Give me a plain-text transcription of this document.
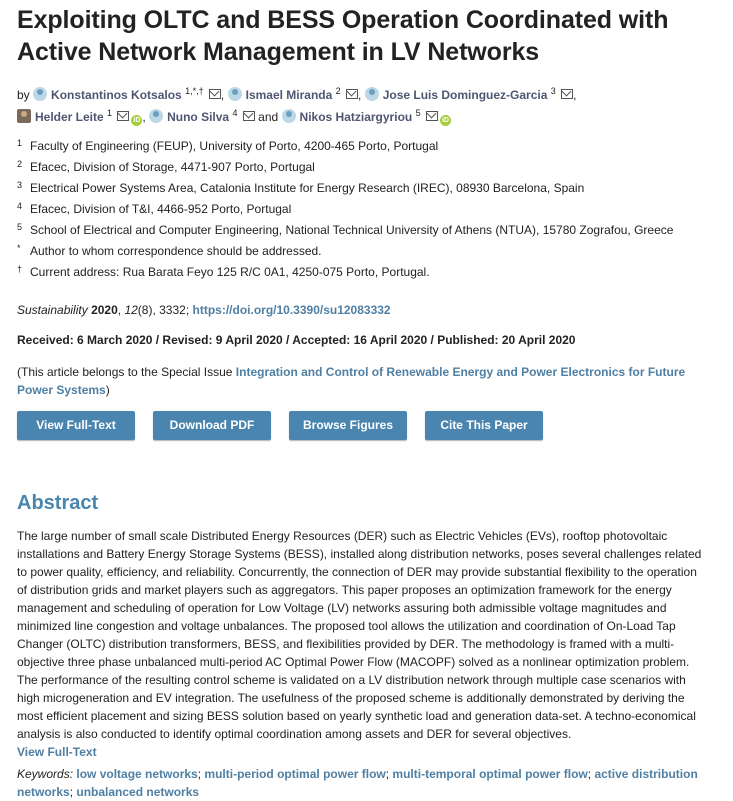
Exploiting OLTC and BESS Operation Coordinated with Active Network Management in LV Networks
by Konstantinos Kotsalos $^{1,*,\dagger}$ , Ismael Miranda $^2$ , Jose Luis Dominguez-Garcia $^3$ ,
Helder Leite $^1$ iD , Nuno Silva $^4$ and Nikos Hatziargyriou $^5$ iD
1 Faculty of Engineering (FEUP), University of Porto, 4200-465 Porto, Portugal
2 Efacec, Division of Storage, 4471-907 Porto, Portugal
3 Electrical Power Systems Area, Catalonia Institute for Energy Research (IREC), 08930 Barcelona, Spain
4 Efacec, Division of T&I, 4466-952 Porto, Portugal
5 School of Electrical and Computer Engineering, National Technical University of Athens (NTUA), 15780 Zografou, Greece
* Author to whom correspondence should be addressed.
† Current address: Rua Barata Feyo 125 R/C 0A1, 4250-075 Porto, Portugal.
Sustainability 2020, 12(8), 3332; https://doi.org/10.3390/su12083332
Received: 6 March 2020 / Revised: 9 April 2020 / Accepted: 16 April 2020 / Published: 20 April 2020
(This article belongs to the Special Issue Integration and Control of Renewable Energy and Power Electronics for Future Power Systems)
View Full-Text	Download PDF	Browse Figures	Cite This Paper
Abstract
The large number of small scale Distributed Energy Resources (DER) such as Electric Vehicles (EVs), rooftop photovoltaic installations and Battery Energy Storage Systems (BESS), installed along distribution networks, poses several challenges related to power quality, efficiency, and reliability. Concurrently, the connection of DER may provide substantial flexibility to the operation of distribution grids and market players such as aggregators. This paper proposes an optimization framework for the energy management and scheduling of operation for Low Voltage (LV) networks assuring both admissible voltage magnitudes and minimized line congestion and voltage unbalances. The proposed tool allows the utilization and coordination of On-Load Tap Changer (OLTC) distribution transformers, BESS, and flexibilities provided by DER. The methodology is framed with a multi-objective three phase unbalanced multi-period AC Optimal Power Flow (MACOPF) solved as a nonlinear optimization problem. The performance of the resulting control scheme is validated on a LV distribution network through multiple case scenarios with high microgeneration and EV integration. The usefulness of the proposed scheme is additionally demonstrated by deriving the most efficient placement and sizing BESS solution based on yearly synthetic load and generation data-set. A techno-economical analysis is also conducted to identify optimal coordination among assets and DER for several objectives.
View Full-Text
Keywords: low voltage networks; multi-period optimal power flow; multi-temporal optimal power flow; active distribution networks; unbalanced networks
